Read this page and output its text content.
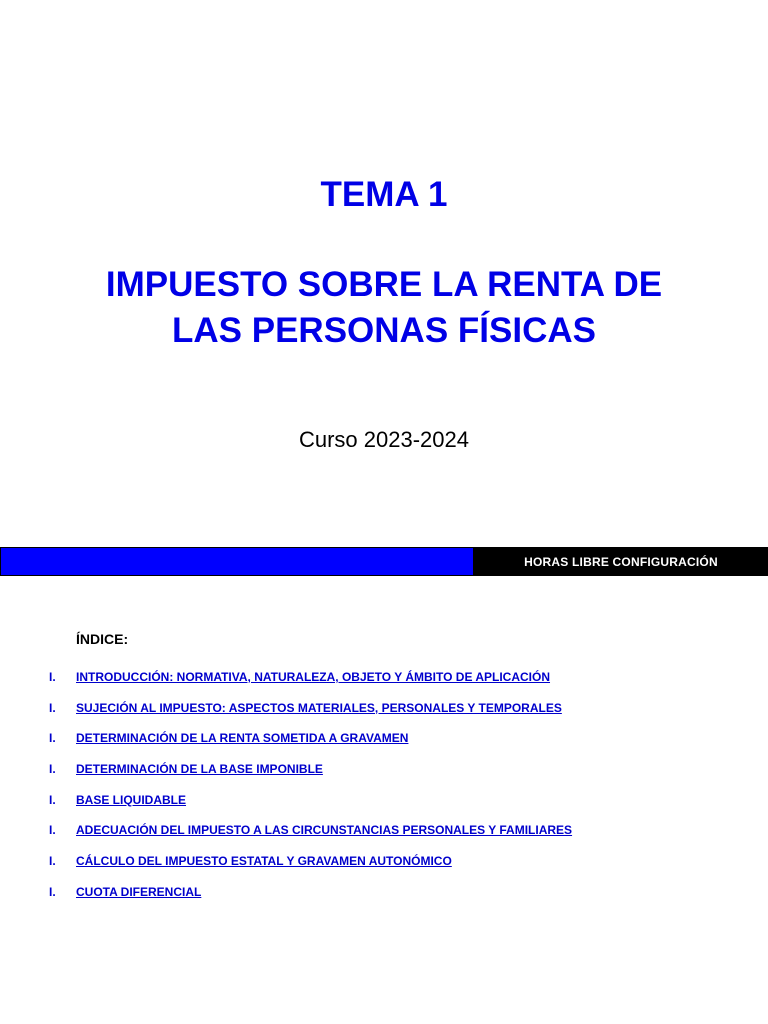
TEMA 1

IMPUESTO SOBRE LA RENTA DE
LAS PERSONAS FÍSICAS

Curso 2023-2024
HORAS LIBRE CONFIGURACIÓN
ÍNDICE:
I. INTRODUCCIÓN: NORMATIVA, NATURALEZA, OBJETO Y ÁMBITO DE APLICACIÓN
I. SUJECIÓN AL IMPUESTO: ASPECTOS MATERIALES, PERSONALES Y TEMPORALES
I. DETERMINACIÓN DE LA RENTA SOMETIDA A GRAVAMEN
I. DETERMINACIÓN DE LA BASE IMPONIBLE
I. BASE LIQUIDABLE
I. ADECUACIÓN DEL IMPUESTO A LAS CIRCUNSTANCIAS PERSONALES Y FAMILIARES
I. CÁLCULO DEL IMPUESTO ESTATAL Y GRAVAMEN AUTONÓMICO
I. CUOTA DIFERENCIAL
